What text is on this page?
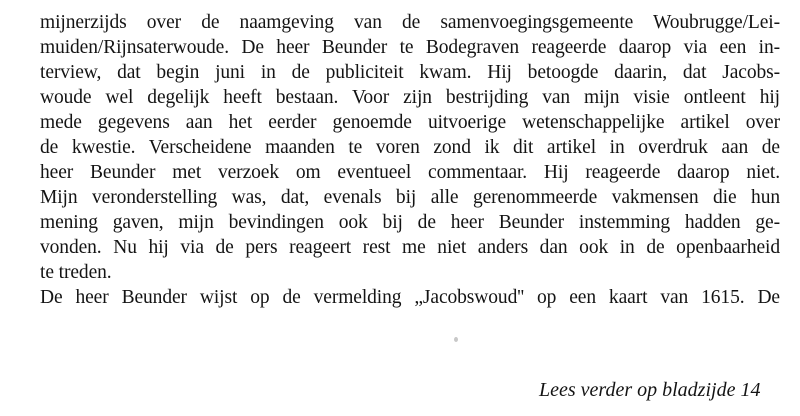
mijnerzijds over de naamgeving van de samenvoegingsgemeente Woubrugge/Lei-
muiden/Rijnsaterwoude. De heer Beunder te Bodegraven reageerde daarop via een in-
terview, dat begin juni in de publiciteit kwam. Hij betoogde daarin, dat Jacobs-
woude wel degelijk heeft bestaan. Voor zijn bestrijding van mijn visie ontleent hij
mede gegevens aan het eerder genoemde uitvoerige wetenschappelijke artikel over
de kwestie. Verscheidene maanden te voren zond ik dit artikel in overdruk aan de
heer Beunder met verzoek om eventueel commentaar. Hij reageerde daarop niet.
Mijn veronderstelling was, dat, evenals bij alle gerenommeerde vakmensen die hun
mening gaven, mijn bevindingen ook bij de heer Beunder instemming hadden ge-
vonden. Nu hij via de pers reageert rest me niet anders dan ook in de openbaarheid
te treden.
De heer Beunder wijst op de vermelding „Jacobswoud'' op een kaart van 1615. De
Lees verder op bladzijde 14
